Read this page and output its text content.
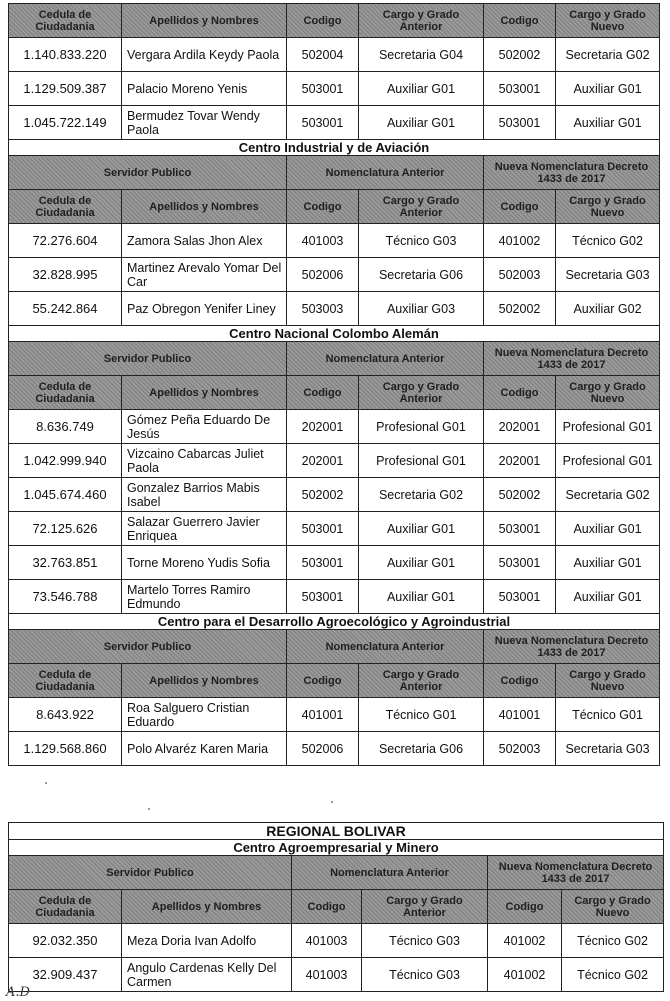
Cedula de Ciudadania	Apellidos y Nombres	Codigo	Cargo y Grado Anterior	Codigo	Cargo y Grado Nuevo
1.140.833.220	Vergara Ardila Keydy Paola	502004	Secretaria G04	502002	Secretaria G02
1.129.509.387	Palacio Moreno Yenis	503001	Auxiliar G01	503001	Auxiliar G01
1.045.722.149	Bermudez Tovar Wendy Paola	503001	Auxiliar G01	503001	Auxiliar G01
Centro Industrial y de Aviación					
Servidor Publico		Nomenclatura Anterior		Nueva Nomenclatura Decreto 1433 de 2017	
Cedula de Ciudadania	Apellidos y Nombres	Codigo	Cargo y Grado Anterior	Codigo	Cargo y Grado Nuevo
72.276.604	Zamora Salas Jhon Alex	401003	Técnico G03	401002	Técnico G02
32.828.995	Martinez Arevalo Yomar Del Car	502006	Secretaria G06	502003	Secretaria G03
55.242.864	Paz Obregon Yenifer Liney	503003	Auxiliar G03	502002	Auxiliar G02
Centro Nacional Colombo Alemán					
Servidor Publico		Nomenclatura Anterior		Nueva Nomenclatura Decreto 1433 de 2017	
Cedula de Ciudadania	Apellidos y Nombres	Codigo	Cargo y Grado Anterior	Codigo	Cargo y Grado Nuevo
8.636.749	Gómez Peña Eduardo De Jesús	202001	Profesional G01	202001	Profesional G01
1.042.999.940	Vizcaino Cabarcas Juliet Paola	202001	Profesional G01	202001	Profesional G01
1.045.674.460	Gonzalez Barrios Mabis Isabel	502002	Secretaria G02	502002	Secretaria G02
72.125.626	Salazar Guerrero Javier Enriquea	503001	Auxiliar G01	503001	Auxiliar G01
32.763.851	Torne Moreno Yudis Sofia	503001	Auxiliar G01	503001	Auxiliar G01
73.546.788	Martelo Torres Ramiro Edmundo	503001	Auxiliar G01	503001	Auxiliar G01
Centro para el Desarrollo Agroecológico y Agroindustrial					
Servidor Publico		Nomenclatura Anterior		Nueva Nomenclatura Decreto 1433 de 2017	
Cedula de Ciudadania	Apellidos y Nombres	Codigo	Cargo y Grado Anterior	Codigo	Cargo y Grado Nuevo
8.643.922	Roa Salguero Cristian Eduardo	401001	Técnico G01	401001	Técnico G01
1.129.568.860	Polo Alvaréz Karen Maria	502006	Secretaria G06	502003	Secretaria G03
REGIONAL BOLIVAR					
Centro Agroempresarial y Minero					
Servidor Publico		Nomenclatura Anterior		Nueva Nomenclatura Decreto 1433 de 2017	
Cedula de Ciudadania	Apellidos y Nombres	Codigo	Cargo y Grado Anterior	Codigo	Cargo y Grado Nuevo
92.032.350	Meza Doria Ivan Adolfo	401003	Técnico G03	401002	Técnico G02
32.909.437	Angulo Cardenas Kelly Del Carmen	401003	Técnico G03	401002	Técnico G02
A.D
